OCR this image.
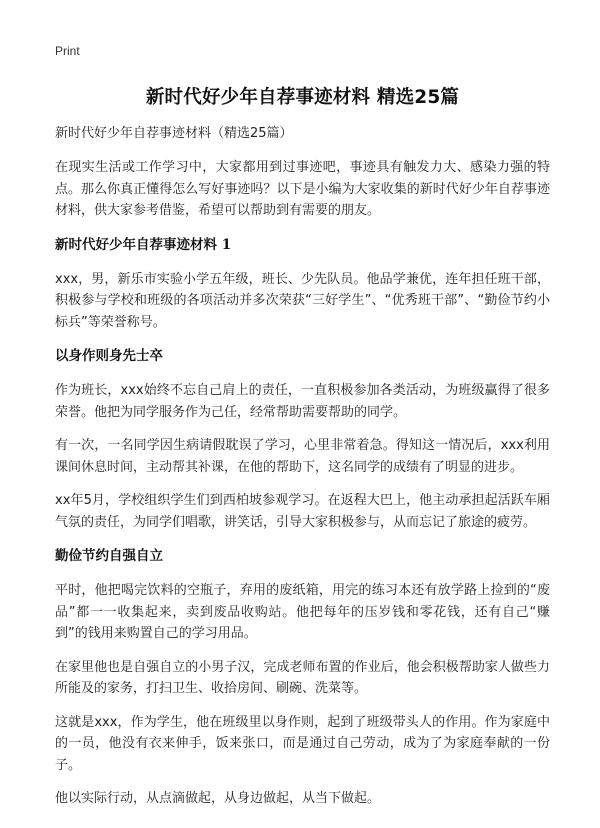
Print
新时代好少年自荐事迹材料 精选25篇
新时代好少年自荐事迹材料（精选25篇）

在现实生活或工作学习中，大家都用到过事迹吧，事迹具有触发力大、感染力强的特点。那么你真正懂得怎么写好事迹吗？以下是小编为大家收集的新时代好少年自荐事迹材料，供大家参考借鉴，希望可以帮助到有需要的朋友。

新时代好少年自荐事迹材料 1

xxx，男，新乐市实验小学五年级，班长、少先队员。他品学兼优，连年担任班干部，积极参与学校和班级的各项活动并多次荣获“三好学生”、“优秀班干部”、“勤俭节约小标兵”等荣誉称号。

以身作则身先士卒

作为班长，xxx始终不忘自己肩上的责任，一直积极参加各类活动，为班级赢得了很多荣誉。他把为同学服务作为己任，经常帮助需要帮助的同学。

有一次，一名同学因生病请假耽误了学习，心里非常着急。得知这一情况后，xxx利用课间休息时间，主动帮其补课，在他的帮助下，这名同学的成绩有了明显的进步。

xx年5月，学校组织学生们到西柏坡参观学习。在返程大巴上，他主动承担起活跃车厢气氛的责任，为同学们唱歌，讲笑话，引导大家积极参与，从而忘记了旅途的疲劳。

勤俭节约自强自立

平时，他把喝完饮料的空瓶子，弃用的废纸箱，用完的练习本还有放学路上捡到的“废品”都一一收集起来，卖到废品收购站。他把每年的压岁钱和零花钱，还有自己“赚到”的钱用来购置自己的学习用品。

在家里他也是自强自立的小男子汉，完成老师布置的作业后，他会积极帮助家人做些力所能及的家务，打扫卫生、收拾房间、刷碗、洗菜等。

这就是xxx，作为学生，他在班级里以身作则，起到了班级带头人的作用。作为家庭中的一员，他没有衣来伸手，饭来张口，而是通过自己劳动，成为了为家庭奉献的一份子。

他以实际行动，从点滴做起，从身边做起，从当下做起。
